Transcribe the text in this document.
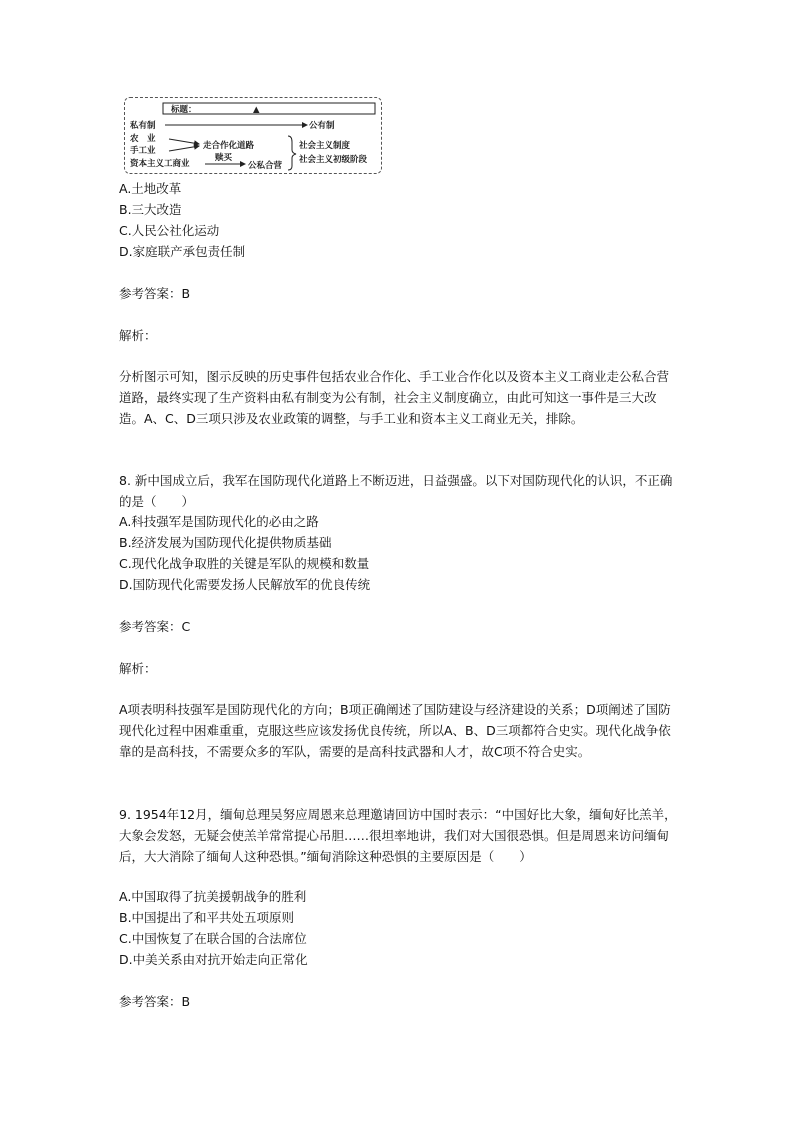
标题：	▲
私有制	公有制
农　业
手工业
资本主义工商业
走合作化道路
赎买
公私合营
社会主义制度
社会主义初级阶段
A.土地改革
B.三大改造
C.人民公社化运动
D.家庭联产承包责任制
参考答案：B
解析：
分析图示可知，图示反映的历史事件包括农业合作化、手工业合作化以及资本主义工商业走公私合营道路，最终实现了生产资料由私有制变为公有制，社会主义制度确立，由此可知这一事件是三大改造。A、C、D三项只涉及农业政策的调整，与手工业和资本主义工商业无关，排除。
8. 新中国成立后，我军在国防现代化道路上不断迈进，日益强盛。以下对国防现代化的认识，不正确的是（　　）
A.科技强军是国防现代化的必由之路
B.经济发展为国防现代化提供物质基础
C.现代化战争取胜的关键是军队的规模和数量
D.国防现代化需要发扬人民解放军的优良传统
参考答案：C
解析：
A项表明科技强军是国防现代化的方向；B项正确阐述了国防建设与经济建设的关系；D项阐述了国防现代化过程中困难重重，克服这些应该发扬优良传统，所以A、B、D三项都符合史实。现代化战争依靠的是高科技，不需要众多的军队，需要的是高科技武器和人才，故C项不符合史实。
9. 1954年12月，缅甸总理吴努应周恩来总理邀请回访中国时表示：“中国好比大象，缅甸好比羔羊，大象会发怒，无疑会使羔羊常常提心吊胆……很坦率地讲，我们对大国很恐惧。但是周恩来访问缅甸后，大大消除了缅甸人这种恐惧。”缅甸消除这种恐惧的主要原因是（　　）
A.中国取得了抗美援朝战争的胜利
B.中国提出了和平共处五项原则
C.中国恢复了在联合国的合法席位
D.中美关系由对抗开始走向正常化
参考答案：B
